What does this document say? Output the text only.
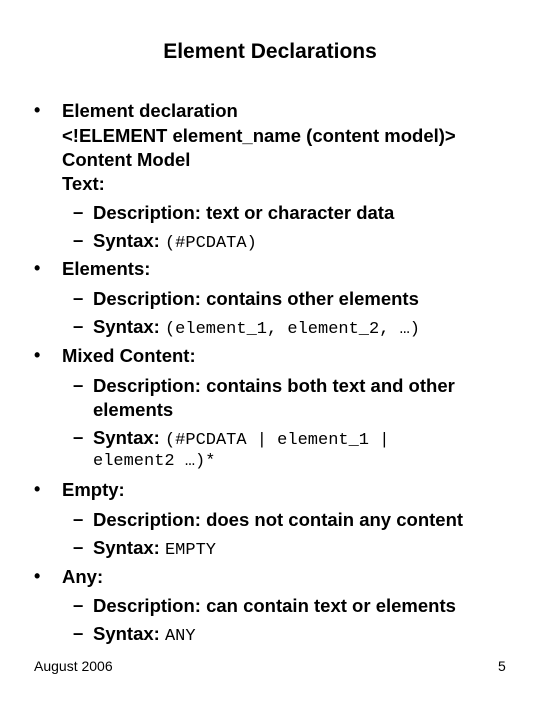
Element Declarations
• Element declaration
<!ELEMENT element_name (content model)>
Content Model
Text:
– Description: text or character data
– Syntax: (#PCDATA)
• Elements:
– Description: contains other elements
– Syntax: (element_1, element_2, …)
• Mixed Content:
– Description: contains both text and other
elements
– Syntax: (#PCDATA | element_1 |
element2 …)*
• Empty:
– Description: does not contain any content
– Syntax: EMPTY
• Any:
– Description: can contain text or elements
– Syntax: ANY
August 2006	5
